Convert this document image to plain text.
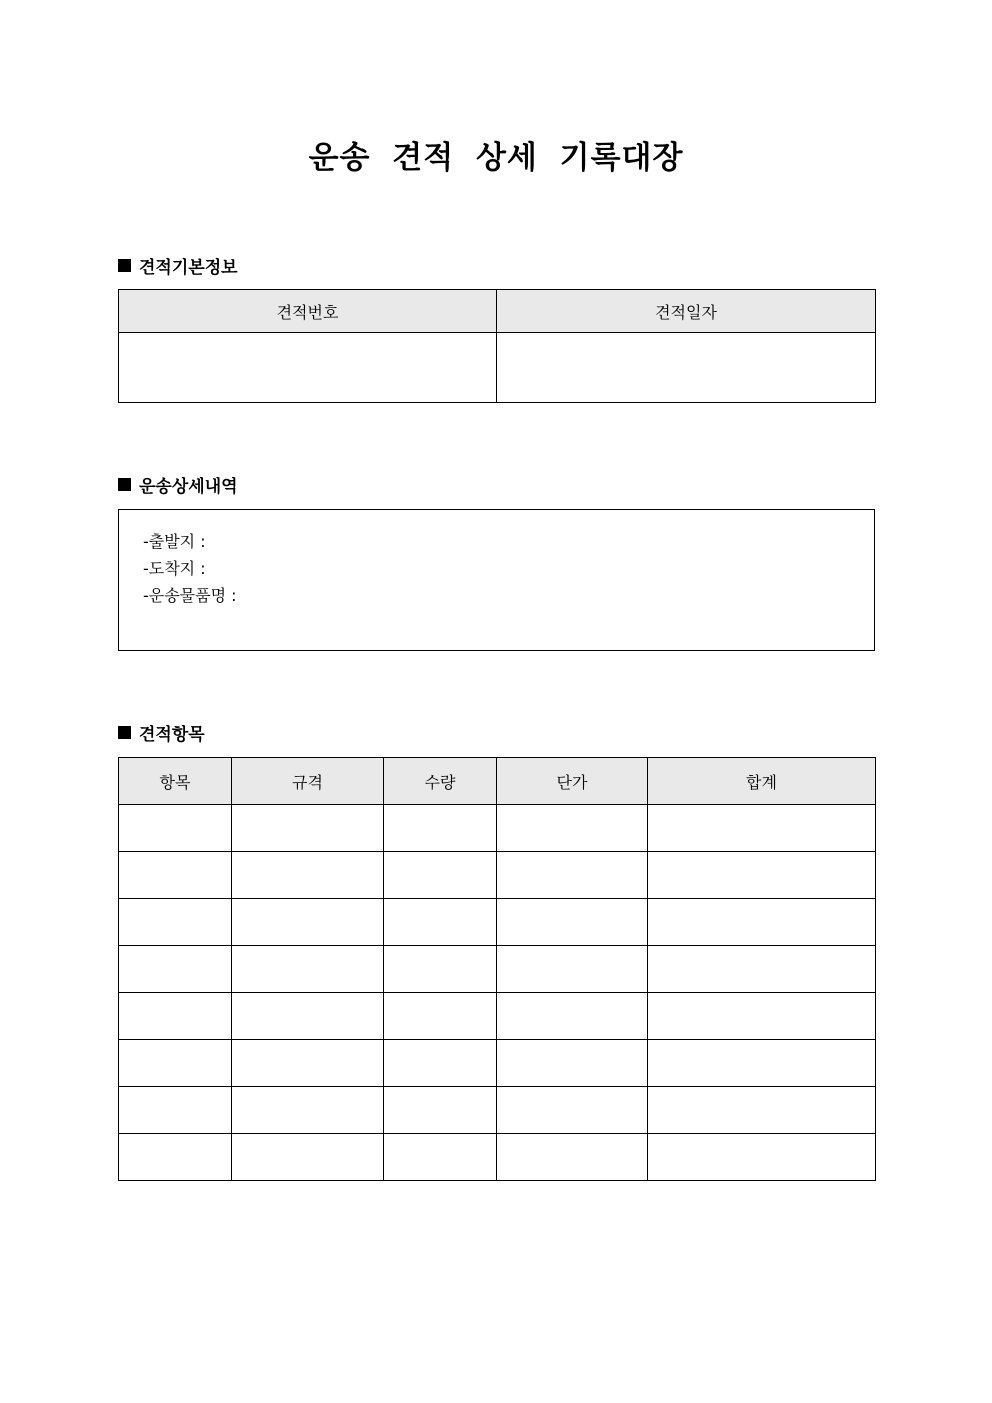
운송 견적 상세 기록대장
견적기본정보
견적번호	견적일자

운송상세내역
-출발지 :
-도착지 :
-운송물품명 :
견적항목
항목	규격	수량	단가	합계
